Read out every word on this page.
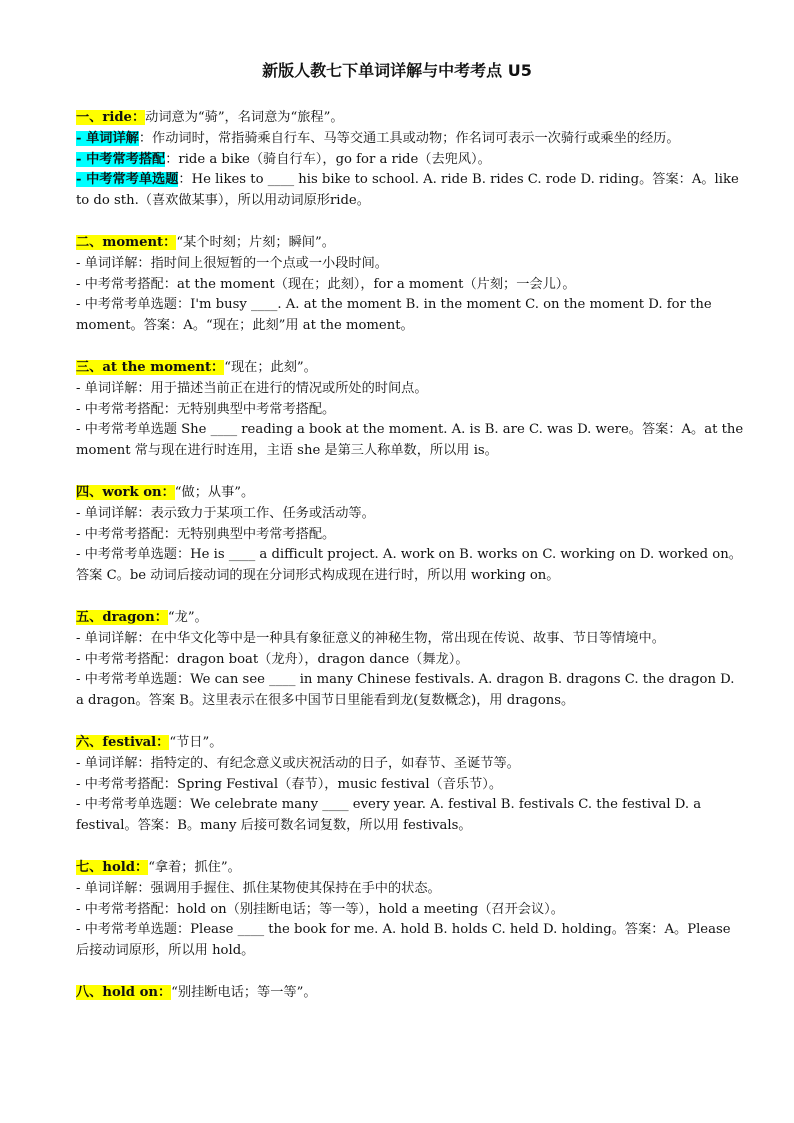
新版人教七下单词详解与中考考点 U5
一、ride：动词意为“骑”，名词意为“旅程”。
- 单词详解：作动词时，常指骑乘自行车、马等交通工具或动物；作名词可表示一次骑行或乘坐的经历。
- 中考常考搭配：ride a bike（骑自行车），go for a ride（去兜风）。
- 中考常考单选题：He likes to ____ his bike to school. A. ride B. rides C. rode D. riding。答案：A。like to do sth.（喜欢做某事），所以用动词原形ride。
二、moment：“某个时刻；片刻；瞬间”。
- 单词详解：指时间上很短暂的一个点或一小段时间。
- 中考常考搭配：at the moment（现在；此刻），for a moment（片刻；一会儿）。
- 中考常考单选题：I'm busy ____. A. at the moment B. in the moment C. on the moment D. for the moment。答案：A。“现在；此刻”用 at the moment。
三、at the moment：“现在；此刻”。
- 单词详解：用于描述当前正在进行的情况或所处的时间点。
- 中考常考搭配：无特别典型中考常考搭配。
- 中考常考单选题 She ____ reading a book at the moment. A. is B. are C. was D. were。答案：A。at the moment 常与现在进行时连用，主语 she 是第三人称单数，所以用 is。
四、work on：“做；从事”。
- 单词详解：表示致力于某项工作、任务或活动等。
- 中考常考搭配：无特别典型中考常考搭配。
- 中考常考单选题：He is ____ a difficult project. A. work on B. works on C. working on D. worked on。答案 C。be 动词后接动词的现在分词形式构成现在进行时，所以用 working on。
五、dragon：“龙”。
- 单词详解：在中华文化等中是一种具有象征意义的神秘生物，常出现在传说、故事、节日等情境中。
- 中考常考搭配：dragon boat（龙舟），dragon dance（舞龙）。
- 中考常考单选题：We can see ____ in many Chinese festivals. A. dragon B. dragons C. the dragon D. a dragon。答案 B。这里表示在很多中国节日里能看到龙(复数概念)，用 dragons。
六、festival：“节日”。
- 单词详解：指特定的、有纪念意义或庆祝活动的日子，如春节、圣诞节等。
- 中考常考搭配：Spring Festival（春节），music festival（音乐节）。
- 中考常考单选题：We celebrate many ____ every year. A. festival B. festivals C. the festival D. a festival。答案：B。many 后接可数名词复数，所以用 festivals。
七、hold：“拿着；抓住”。
- 单词详解：强调用手握住、抓住某物使其保持在手中的状态。
- 中考常考搭配：hold on（别挂断电话；等一等），hold a meeting（召开会议）。
- 中考常考单选题：Please ____ the book for me. A. hold B. holds C. held D. holding。答案：A。Please 后接动词原形，所以用 hold。
八、hold on：“别挂断电话；等一等”。
